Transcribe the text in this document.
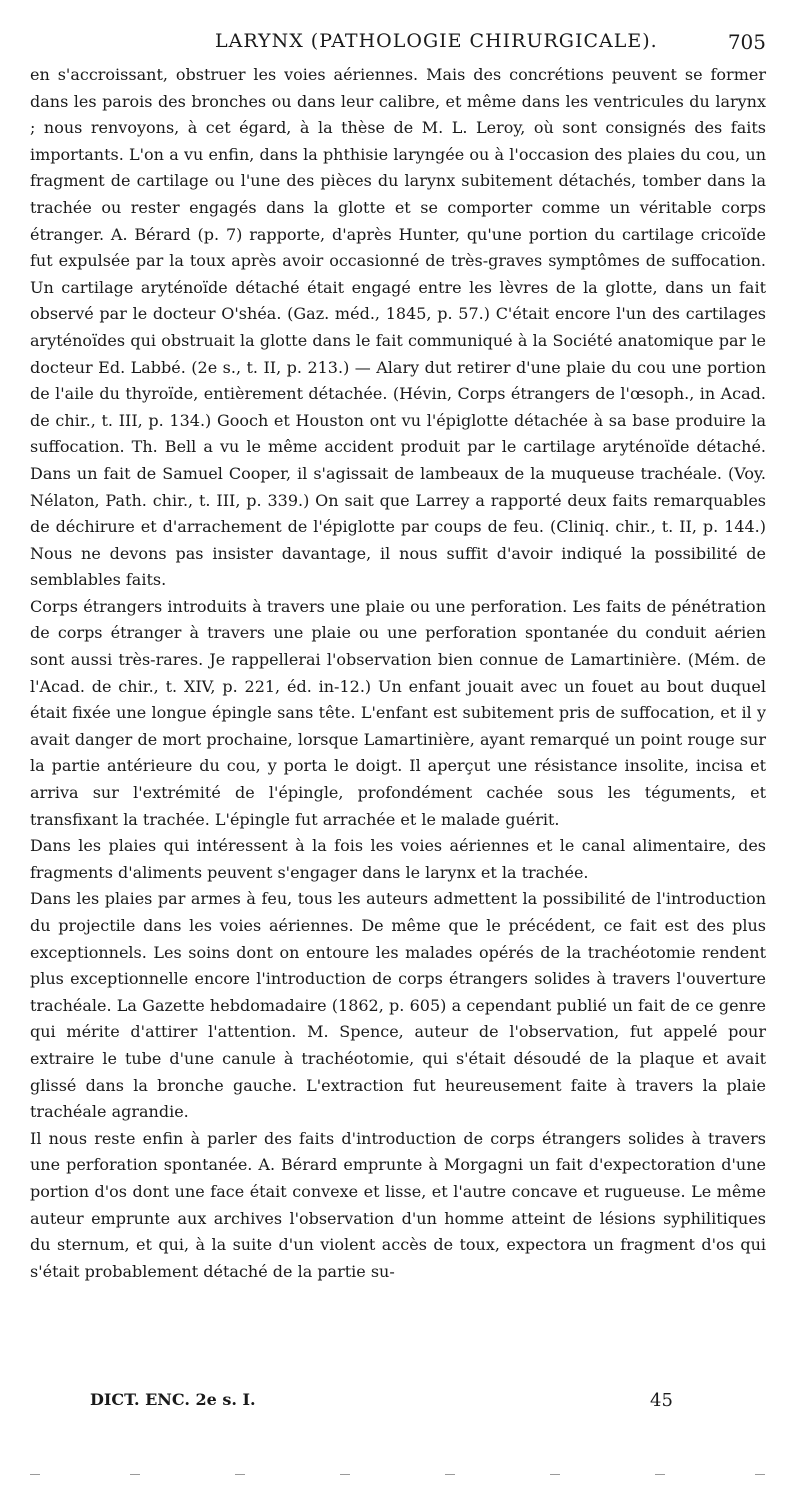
LARYNX (PATHOLOGIE CHIRURGICALE).	705

en s'accroissant, obstruer les voies aériennes. Mais des concrétions peuvent se former dans les parois des bronches ou dans leur calibre, et même dans les ventricules du larynx ; nous renvoyons, à cet égard, à la thèse de M. L. Leroy, où sont consignés des faits importants. L'on a vu enfin, dans la phthisie laryngée ou à l'occasion des plaies du cou, un fragment de cartilage ou l'une des pièces du larynx subitement détachés, tomber dans la trachée ou rester engagés dans la glotte et se comporter comme un véritable corps étranger. A. Bérard (p. 7) rapporte, d'après Hunter, qu'une portion du cartilage cricoïde fut expulsée par la toux après avoir occasionné de très-graves symptômes de suffocation. Un cartilage aryténoïde détaché était engagé entre les lèvres de la glotte, dans un fait observé par le docteur O'shéa. (Gaz. méd., 1845, p. 57.) C'était encore l'un des cartilages aryténoïdes qui obstruait la glotte dans le fait communiqué à la Société anatomique par le docteur Ed. Labbé. (2e s., t. II, p. 213.) — Alary dut retirer d'une plaie du cou une portion de l'aile du thyroïde, entièrement détachée. (Hévin, Corps étrangers de l'œsoph., in Acad. de chir., t. III, p. 134.) Gooch et Houston ont vu l'épiglotte détachée à sa base produire la suffocation. Th. Bell a vu le même accident produit par le cartilage aryténoïde détaché. Dans un fait de Samuel Cooper, il s'agissait de lambeaux de la muqueuse trachéale. (Voy. Nélaton, Path. chir., t. III, p. 339.) On sait que Larrey a rapporté deux faits remarquables de déchirure et d'arrachement de l'épiglotte par coups de feu. (Cliniq. chir., t. II, p. 144.) Nous ne devons pas insister davantage, il nous suffit d'avoir indiqué la possibilité de semblables faits.

Corps étrangers introduits à travers une plaie ou une perforation. Les faits de pénétration de corps étranger à travers une plaie ou une perforation spontanée du conduit aérien sont aussi très-rares. Je rappellerai l'observation bien connue de Lamartinière. (Mém. de l'Acad. de chir., t. XIV, p. 221, éd. in-12.) Un enfant jouait avec un fouet au bout duquel était fixée une longue épingle sans tête. L'enfant est subitement pris de suffocation, et il y avait danger de mort prochaine, lorsque Lamartinière, ayant remarqué un point rouge sur la partie antérieure du cou, y porta le doigt. Il aperçut une résistance insolite, incisa et arriva sur l'extrémité de l'épingle, profondément cachée sous les téguments, et transfixant la trachée. L'épingle fut arrachée et le malade guérit.

Dans les plaies qui intéressent à la fois les voies aériennes et le canal alimentaire, des fragments d'aliments peuvent s'engager dans le larynx et la trachée.

Dans les plaies par armes à feu, tous les auteurs admettent la possibilité de l'introduction du projectile dans les voies aériennes. De même que le précédent, ce fait est des plus exceptionnels. Les soins dont on entoure les malades opérés de la trachéotomie rendent plus exceptionnelle encore l'introduction de corps étrangers solides à travers l'ouverture trachéale. La Gazette hebdomadaire (1862, p. 605) a cependant publié un fait de ce genre qui mérite d'attirer l'attention. M. Spence, auteur de l'observation, fut appelé pour extraire le tube d'une canule à trachéotomie, qui s'était désoudé de la plaque et avait glissé dans la bronche gauche. L'extraction fut heureusement faite à travers la plaie trachéale agrandie.

Il nous reste enfin à parler des faits d'introduction de corps étrangers solides à travers une perforation spontanée. A. Bérard emprunte à Morgagni un fait d'expectoration d'une portion d'os dont une face était convexe et lisse, et l'autre concave et rugueuse. Le même auteur emprunte aux archives l'observation d'un homme atteint de lésions syphilitiques du sternum, et qui, à la suite d'un violent accès de toux, expectora un fragment d'os qui s'était probablement détaché de la partie su-

DICT. ENC. 2e s. I.	45
